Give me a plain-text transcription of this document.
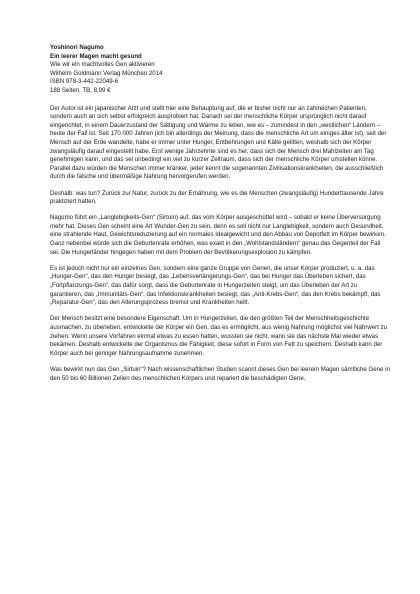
Yoshinori Nagumo
Ein leerer Magen macht gesund
Wie wir ein machtvolles Gen aktivieren
Wilhelm Goldmann Verlag München 2014
ISBN 978-3-442-22049-6
188 Seiten, TB, 8,99 €

Der Autor ist ein japanischer Arzt und stellt hier eine Behauptung auf, die er bisher nicht nur an zahlreichen Patienten, sondern auch an sich selbst erfolgreich ausprobiert hat. Danach sei der menschliche Körper ursprünglich nicht darauf eingerichtet, in einem Dauerzustand der Sättigung und Wärme zu leben, wie es – zumindest in den „westlichen“ Ländern – heute der Fall ist. Seit 170.000 Jahren (ich bin allerdings der Meinung, dass die menschliche Art um einiges älter ist), seit der Mensch auf der Erde wandelte, habe er immer unter Hunger, Entbehrungen und Kälte gelitten, weshalb sich der Körper zwangsläufig darauf eingestellt habe. Erst wenige Jahrzehnte sind es her, dass sich der Mensch drei Mahlzeiten am Tag genehmigen kann, und das sei unbedingt ein viel zu kurzer Zeitraum, dass sich der menschliche Körper umstellen könne. Parallel dazu würden die Menschen immer kränker, jeder kennt die sogenannten Zivilisationskrankheiten, die ausschließlich durch die falsche und übermäßige Nahrung hervorgerufen werden.

Deshalb: was tun? Zurück zur Natur, zurück zu der Ernährung, wie es die Menschen (zwangsläufig) Hunderttausende Jahre praktiziert hatten.

Nagumo führt ein „Langlebigkeits-Gen“ (Sirtuin) auf, das vom Körper ausgeschüttet wird – sobald er keine Überversorgung mehr hat. Dieses Gen scheint eine Art Wunder-Gen zu sein, denn es soll nicht nur Langlebigkeit, sondern auch Gesundheit, eine strahlende Haut, Gewichtsreduzierung auf ein normales Idealgewicht und den Abbau von Depotfett im Körper bewirken. Ganz nebenbei würde sich die Geburtenrate erhöhen, was exakt in den „Wohlstandsländern“ genau das Gegenteil der Fall sei. Die Hungerländer hingegen haben mit dem Problem der Bevölkerungsexplosion zu kämpfen.

Es ist jedoch nicht nur ein einzelnes Gen, sondern eine ganze Gruppe von Genen, die unser Körper produziert, u. a. das „Hunger-Gen“, das den Hunger besiegt, das „Lebensverlängerungs-Gen“, das bei Hunger das Überleben sichert, das „Fortpflanzungs-Gen“, das dafür sorgt, dass die Geburtenrate in Hungerzeiten steigt, um das Überleben der Art zu garantieren, das „Immunitäts-Gen“, das Infektionskrankheiten besiegt, das „Anti-Krebs-Gen“, das den Krebs bekämpft, das „Reparatur-Gen“, das den Alterungsprozess bremst und Krankheiten heilt.

Der Mensch besitzt eine besondere Eigenschaft. Um in Hungerzeiten, die den größten Teil der Menschheitsgeschichte ausmachen, zu überleben, entwickelte der Körper ein Gen, das es ermöglicht, aus wenig Nahrung möglichst viel Nährwert zu ziehen. Wenn unsere Vorfahren einmal etwas zu essen hatten, wussten sie nicht, wann sie das nächste Mal wieder etwas bekämen. Deshalb entwickelte der Organismus die Fähigkeit, diese sofort in Form von Fett zu speichern. Deshalb kann der Körper auch bei geringer Nahrungsaufnahme zunehmen.

Was bewirkt nun das Gen „Sirtuin“? Nach wissenschaftlichen Studien scannt dieses Gen bei leerem Magen sämtliche Gene in den 50 bis 60 Billionen Zellen des menschlichen Körpers und repariert die beschädigten Gene.
